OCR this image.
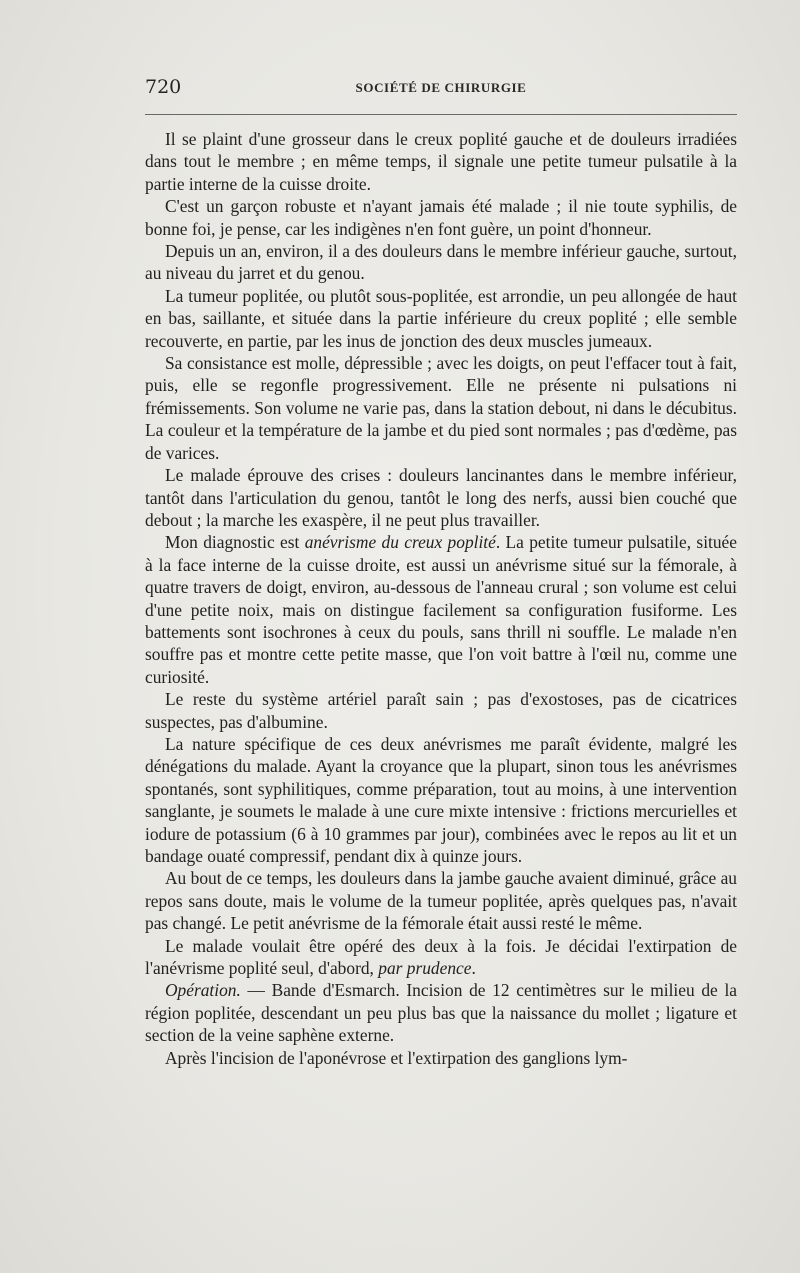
720	SOCIÉTÉ DE CHIRURGIE

Il se plaint d'une grosseur dans le creux poplité gauche et de douleurs irradiées dans tout le membre ; en même temps, il signale une petite tumeur pulsatile à la partie interne de la cuisse droite.

C'est un garçon robuste et n'ayant jamais été malade ; il nie toute syphilis, de bonne foi, je pense, car les indigènes n'en font guère, un point d'honneur.

Depuis un an, environ, il a des douleurs dans le membre inférieur gauche, surtout, au niveau du jarret et du genou.

La tumeur poplitée, ou plutôt sous-poplitée, est arrondie, un peu allongée de haut en bas, saillante, et située dans la partie inférieure du creux poplité ; elle semble recouverte, en partie, par les inus de jonction des deux muscles jumeaux.

Sa consistance est molle, dépressible ; avec les doigts, on peut l'effacer tout à fait, puis, elle se regonfle progressivement. Elle ne présente ni pulsations ni frémissements. Son volume ne varie pas, dans la station debout, ni dans le décubitus. La couleur et la température de la jambe et du pied sont normales ; pas d'œdème, pas de varices.

Le malade éprouve des crises : douleurs lancinantes dans le membre inférieur, tantôt dans l'articulation du genou, tantôt le long des nerfs, aussi bien couché que debout ; la marche les exaspère, il ne peut plus travailler.

Mon diagnostic est anévrisme du creux poplité. La petite tumeur pulsatile, située à la face interne de la cuisse droite, est aussi un anévrisme situé sur la fémorale, à quatre travers de doigt, environ, au-dessous de l'anneau crural ; son volume est celui d'une petite noix, mais on distingue facilement sa configuration fusiforme. Les battements sont isochrones à ceux du pouls, sans thrill ni souffle. Le malade n'en souffre pas et montre cette petite masse, que l'on voit battre à l'œil nu, comme une curiosité.

Le reste du système artériel paraît sain ; pas d'exostoses, pas de cicatrices suspectes, pas d'albumine.

La nature spécifique de ces deux anévrismes me paraît évidente, malgré les dénégations du malade. Ayant la croyance que la plupart, sinon tous les anévrismes spontanés, sont syphilitiques, comme préparation, tout au moins, à une intervention sanglante, je soumets le malade à une cure mixte intensive : frictions mercurielles et iodure de potassium (6 à 10 grammes par jour), combinées avec le repos au lit et un bandage ouaté compressif, pendant dix à quinze jours.

Au bout de ce temps, les douleurs dans la jambe gauche avaient diminué, grâce au repos sans doute, mais le volume de la tumeur poplitée, après quelques pas, n'avait pas changé. Le petit anévrisme de la fémorale était aussi resté le même.

Le malade voulait être opéré des deux à la fois. Je décidai l'extirpation de l'anévrisme poplité seul, d'abord, par prudence.

Opération. — Bande d'Esmarch. Incision de 12 centimètres sur le milieu de la région poplitée, descendant un peu plus bas que la naissance du mollet ; ligature et section de la veine saphène externe.

Après l'incision de l'aponévrose et l'extirpation des ganglions lym-
